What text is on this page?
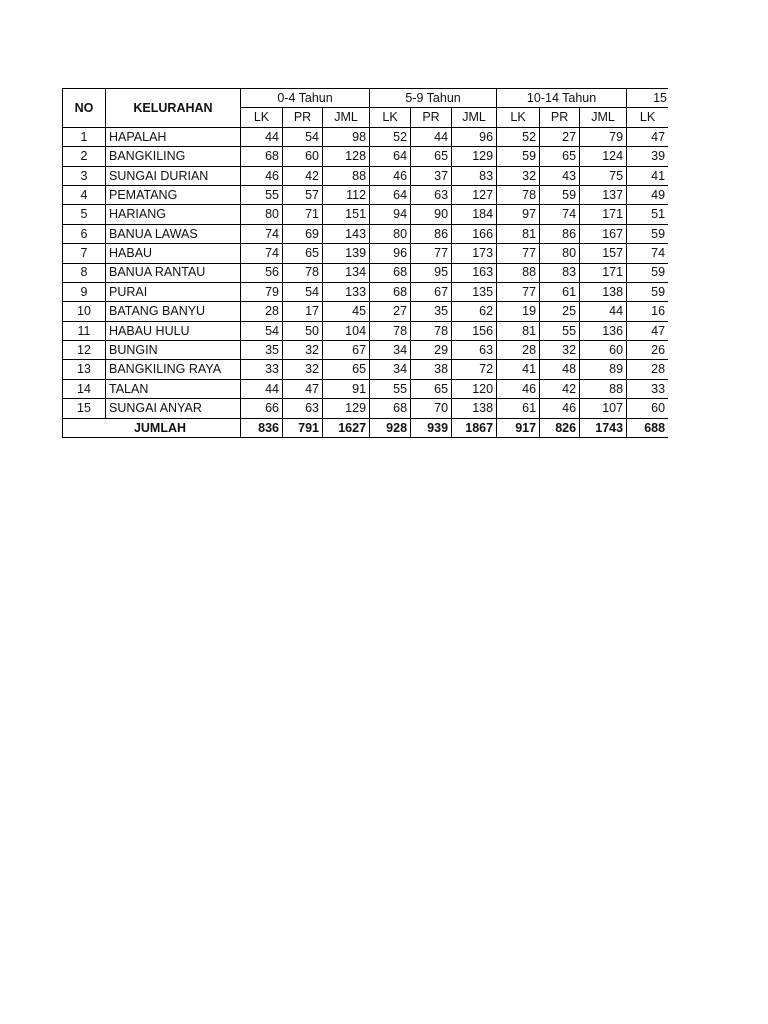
NO	KELURAHAN	0-4 Tahun			5-9 Tahun			10-14 Tahun			15
		LK	PR	JML	LK	PR	JML	LK	PR	JML	LK
1	HAPALAH	44	54	98	52	44	96	52	27	79	47
2	BANGKILING	68	60	128	64	65	129	59	65	124	39
3	SUNGAI DURIAN	46	42	88	46	37	83	32	43	75	41
4	PEMATANG	55	57	112	64	63	127	78	59	137	49
5	HARIANG	80	71	151	94	90	184	97	74	171	51
6	BANUA LAWAS	74	69	143	80	86	166	81	86	167	59
7	HABAU	74	65	139	96	77	173	77	80	157	74
8	BANUA RANTAU	56	78	134	68	95	163	88	83	171	59
9	PURAI	79	54	133	68	67	135	77	61	138	59
10	BATANG BANYU	28	17	45	27	35	62	19	25	44	16
11	HABAU HULU	54	50	104	78	78	156	81	55	136	47
12	BUNGIN	35	32	67	34	29	63	28	32	60	26
13	BANGKILING RAYA	33	32	65	34	38	72	41	48	89	28
14	TALAN	44	47	91	55	65	120	46	42	88	33
15	SUNGAI ANYAR	66	63	129	68	70	138	61	46	107	60
JUMLAH		836	791	1627	928	939	1867	917	826	1743	688
